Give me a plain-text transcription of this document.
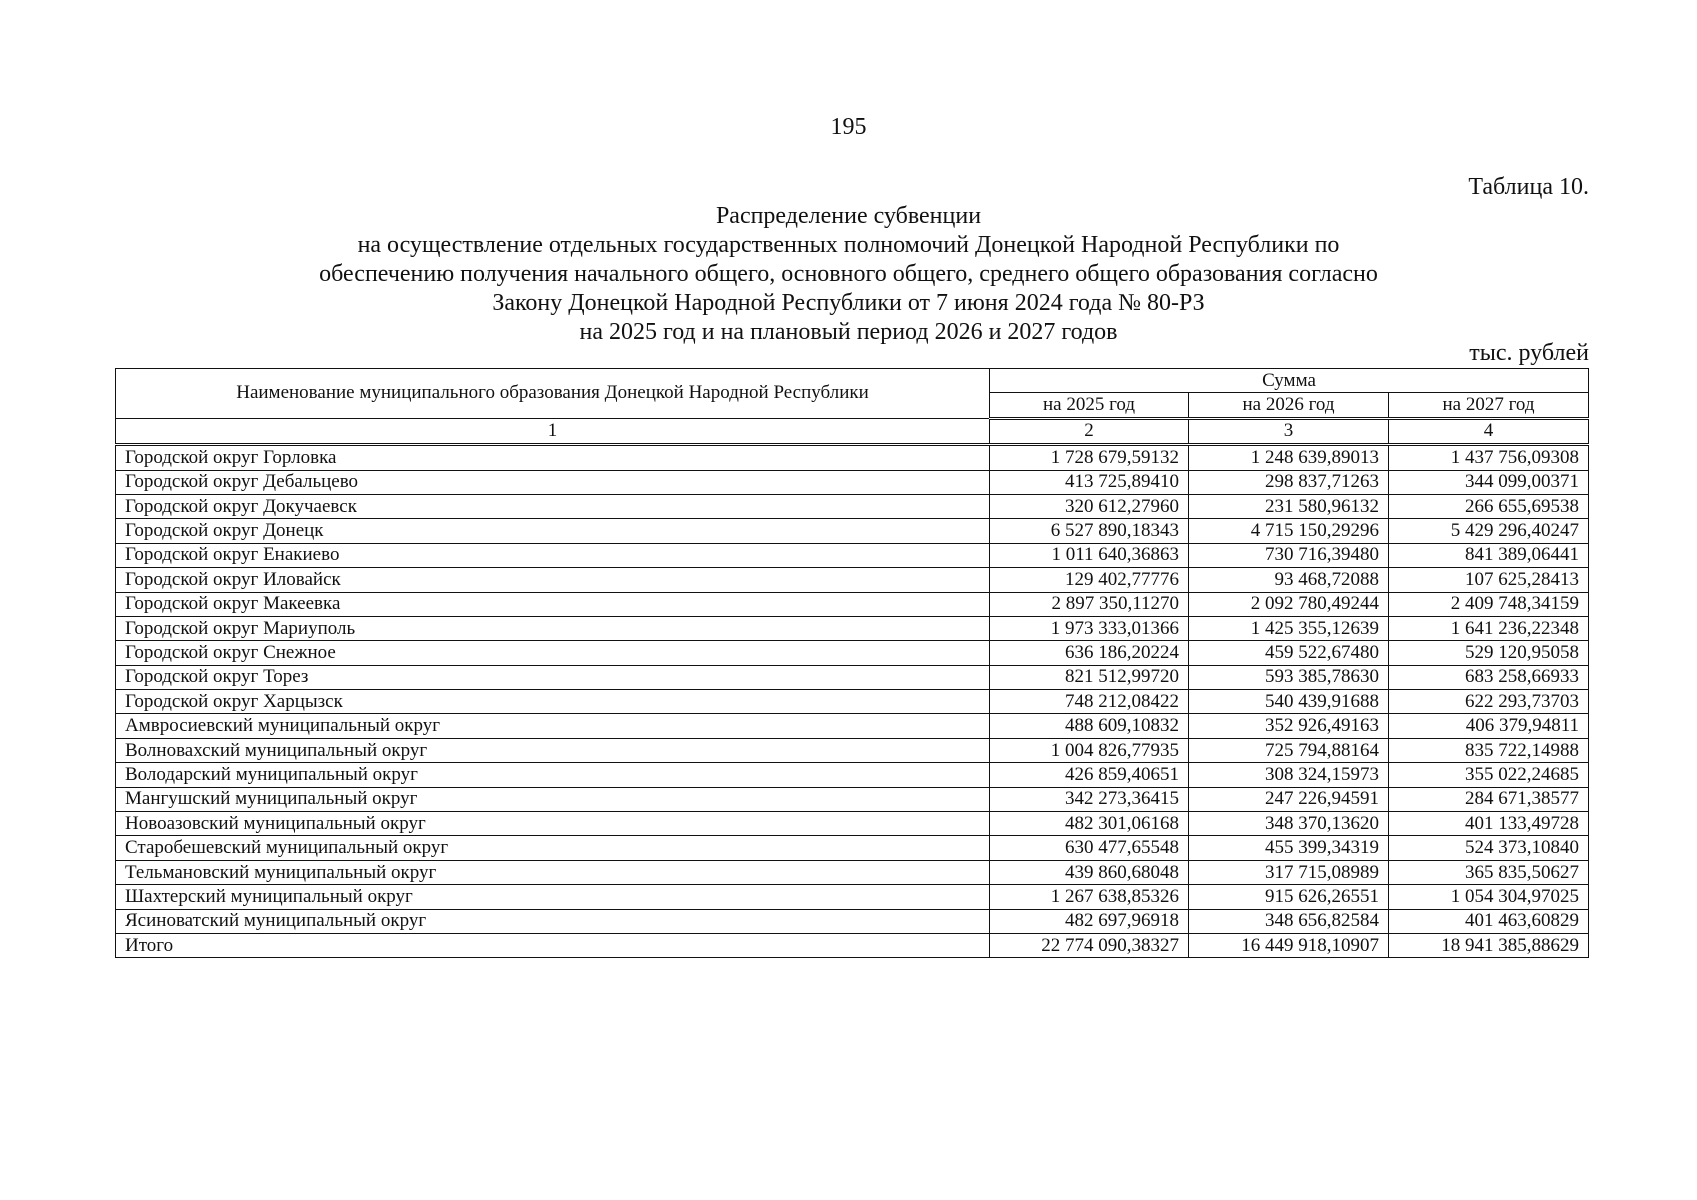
195
Таблица 10.
Распределение субвенции
на осуществление отдельных государственных полномочий Донецкой Народной Республики по
обеспечению получения начального общего, основного общего, среднего общего образования согласно
Закону Донецкой Народной Республики от 7 июня 2024 года № 80-РЗ
на 2025 год и на плановый период 2026 и 2027 годов
тыс. рублей
Наименование муниципального образования Донецкой Народной Республики	Сумма		
	на 2025 год	на 2026 год	на 2027 год
1	2	3	4
Городской округ Горловка	1 728 679,59132	1 248 639,89013	1 437 756,09308
Городской округ Дебальцево	413 725,89410	298 837,71263	344 099,00371
Городской округ Докучаевск	320 612,27960	231 580,96132	266 655,69538
Городской округ Донецк	6 527 890,18343	4 715 150,29296	5 429 296,40247
Городской округ Енакиево	1 011 640,36863	730 716,39480	841 389,06441
Городской округ Иловайск	129 402,77776	93 468,72088	107 625,28413
Городской округ Макеевка	2 897 350,11270	2 092 780,49244	2 409 748,34159
Городской округ Мариуполь	1 973 333,01366	1 425 355,12639	1 641 236,22348
Городской округ Снежное	636 186,20224	459 522,67480	529 120,95058
Городской округ Торез	821 512,99720	593 385,78630	683 258,66933
Городской округ Харцызск	748 212,08422	540 439,91688	622 293,73703
Амвросиевский муниципальный округ	488 609,10832	352 926,49163	406 379,94811
Волновахский муниципальный округ	1 004 826,77935	725 794,88164	835 722,14988
Володарский муниципальный округ	426 859,40651	308 324,15973	355 022,24685
Мангушский муниципальный округ	342 273,36415	247 226,94591	284 671,38577
Новоазовский муниципальный округ	482 301,06168	348 370,13620	401 133,49728
Старобешевский муниципальный округ	630 477,65548	455 399,34319	524 373,10840
Тельмановский муниципальный округ	439 860,68048	317 715,08989	365 835,50627
Шахтерский муниципальный округ	1 267 638,85326	915 626,26551	1 054 304,97025
Ясиноватский муниципальный округ	482 697,96918	348 656,82584	401 463,60829
Итого	22 774 090,38327	16 449 918,10907	18 941 385,88629
